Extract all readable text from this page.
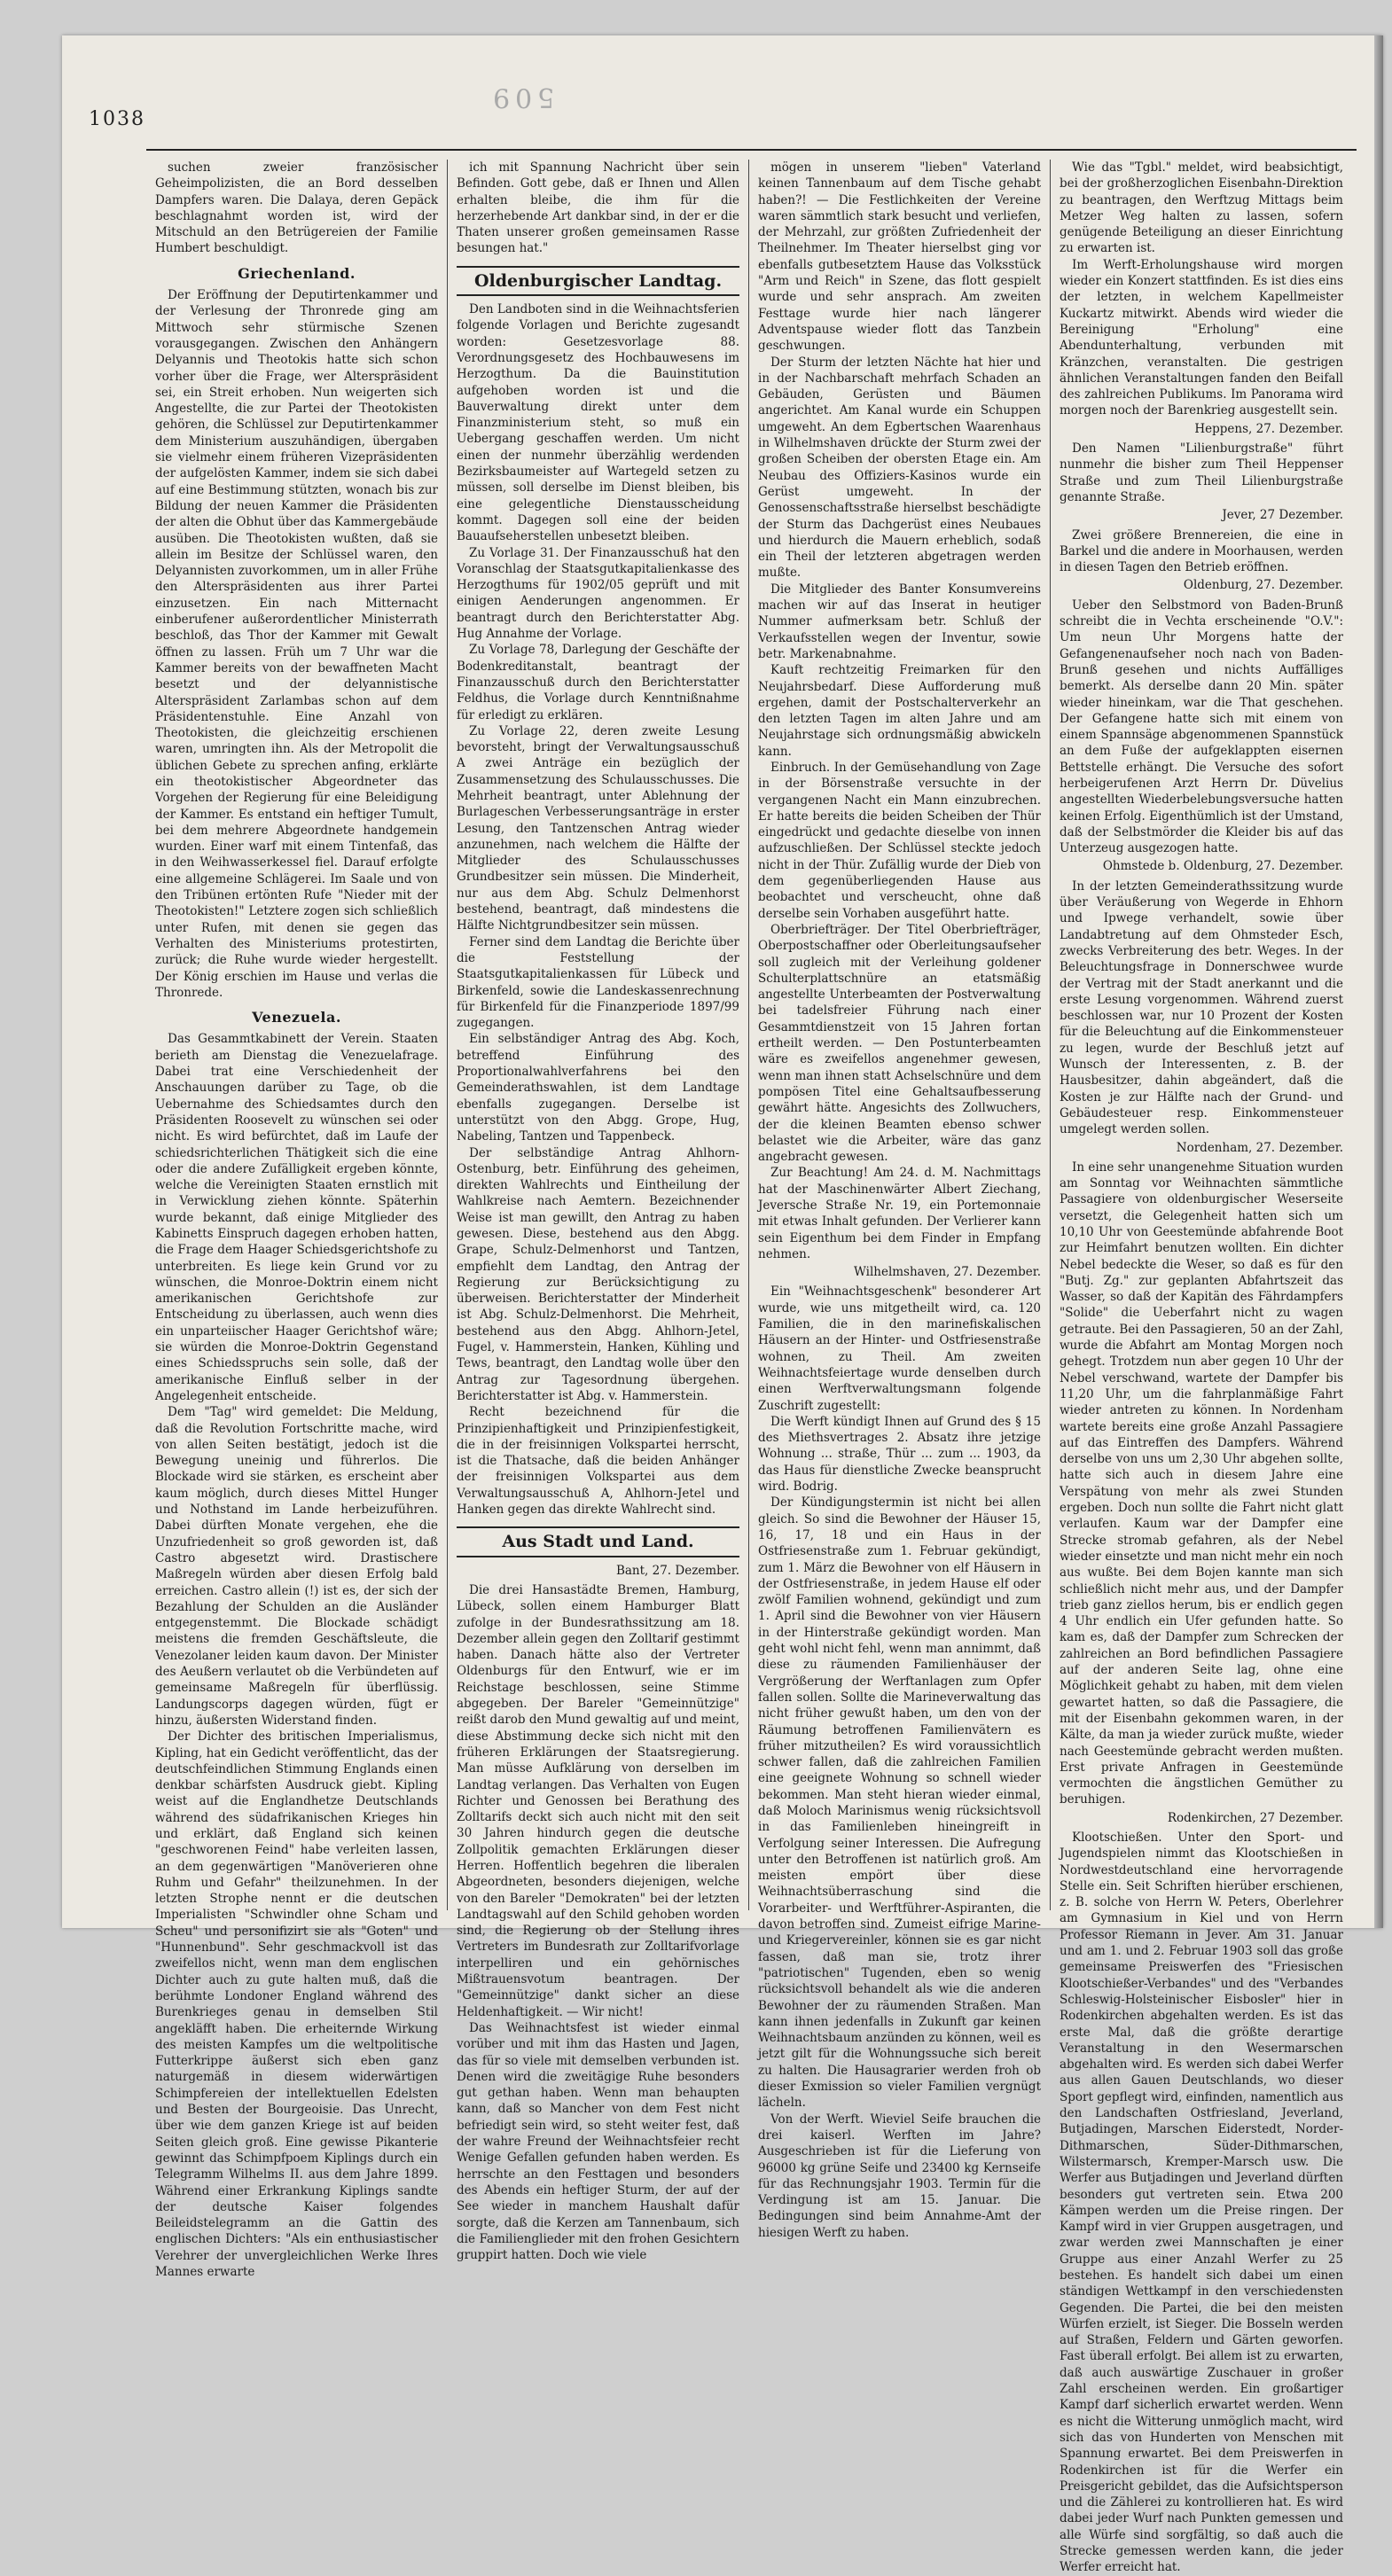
1038
509

suchen zweier französischer Geheimpolizisten, die an Bord desselben Dampfers waren. Die Dalaya, deren Gepäck beschlagnahmt worden ist, wird der Mitschuld an den Betrügereien der Familie Humbert beschuldigt.

Griechenland.

Der Eröffnung der Deputirtenkammer und der Verlesung der Thronrede ging am Mittwoch sehr stürmische Szenen vorausgegangen. Zwischen den Anhängern Delyannis und Theotokis hatte sich schon vorher über die Frage, wer Alterspräsident sei, ein Streit erhoben. Nun weigerten sich Angestellte, die zur Partei der Theotokisten gehören, die Schlüssel zur Deputirtenkammer dem Ministerium auszuhändigen, übergaben sie vielmehr einem früheren Vizepräsidenten der aufgelösten Kammer, indem sie sich dabei auf eine Bestimmung stützten, wonach bis zur Bildung der neuen Kammer die Präsidenten der alten die Obhut über das Kammergebäude ausüben. Die Theotokisten wußten, daß sie allein im Besitze der Schlüssel waren, den Delyannisten zuvorkommen, um in aller Frühe den Alterspräsidenten aus ihrer Partei einzusetzen. Ein nach Mitternacht einberufener außerordentlicher Ministerrath beschloß, das Thor der Kammer mit Gewalt öffnen zu lassen. Früh um 7 Uhr war die Kammer bereits von der bewaffneten Macht besetzt und der delyannistische Alterspräsident Zarlambas schon auf dem Präsidentenstuhle. Eine Anzahl von Theotokisten, die gleichzeitig erschienen waren, umringten ihn. Als der Metropolit die üblichen Gebete zu sprechen anfing, erklärte ein theotokistischer Abgeordneter das Vorgehen der Regierung für eine Beleidigung der Kammer. Es entstand ein heftiger Tumult, bei dem mehrere Abgeordnete handgemein wurden. Einer warf mit einem Tintenfaß, das in den Weihwasserkessel fiel. Darauf erfolgte eine allgemeine Schlägerei. Im Saale und von den Tribünen ertönten Rufe "Nieder mit der Theotokisten!" Letztere zogen sich schließlich unter Rufen, mit denen sie gegen das Verhalten des Ministeriums protestirten, zurück; die Ruhe wurde wieder hergestellt. Der König erschien im Hause und verlas die Thronrede.

Venezuela.

Das Gesammtkabinett der Verein. Staaten berieth am Dienstag die Venezuelafrage. Dabei trat eine Verschiedenheit der Anschauungen darüber zu Tage, ob die Uebernahme des Schiedsamtes durch den Präsidenten Roosevelt zu wünschen sei oder nicht. Es wird befürchtet, daß im Laufe der schiedsrichterlichen Thätigkeit sich die eine oder die andere Zufälligkeit ergeben könnte, welche die Vereinigten Staaten ernstlich mit in Verwicklung ziehen könnte. Späterhin wurde bekannt, daß einige Mitglieder des Kabinetts Einspruch dagegen erhoben hatten, die Frage dem Haager Schiedsgerichtshofe zu unterbreiten. Es liege kein Grund vor zu wünschen, die Monroe-Doktrin einem nicht amerikanischen Gerichtshofe zur Entscheidung zu überlassen, auch wenn dies ein unparteiischer Haager Gerichtshof wäre; sie würden die Monroe-Doktrin Gegenstand eines Schiedsspruchs sein solle, daß der amerikanische Einfluß selber in der Angelegenheit entscheide.

Dem "Tag" wird gemeldet: Die Meldung, daß die Revolution Fortschritte mache, wird von allen Seiten bestätigt, jedoch ist die Bewegung uneinig und führerlos. Die Blockade wird sie stärken, es erscheint aber kaum möglich, durch dieses Mittel Hunger und Nothstand im Lande herbeizuführen. Dabei dürften Monate vergehen, ehe die Unzufriedenheit so groß geworden ist, daß Castro abgesetzt wird. Drastischere Maßregeln würden aber diesen Erfolg bald erreichen. Castro allein (!) ist es, der sich der Bezahlung der Schulden an die Ausländer entgegenstemmt. Die Blockade schädigt meistens die fremden Geschäftsleute, die Venezolaner leiden kaum davon. Der Minister des Aeußern verlautet ob die Verbündeten auf gemeinsame Maßregeln für überflüssig. Landungscorps dagegen würden, fügt er hinzu, äußersten Widerstand finden.

Der Dichter des britischen Imperialismus, Kipling, hat ein Gedicht veröffentlicht, das der deutschfeindlichen Stimmung Englands einen denkbar schärfsten Ausdruck giebt. Kipling weist auf die Englandhetze Deutschlands während des südafrikanischen Krieges hin und erklärt, daß England sich keinen "geschworenen Feind" habe verleiten lassen, an dem gegenwärtigen "Manöverieren ohne Ruhm und Gefahr" theilzunehmen. In der letzten Strophe nennt er die deutschen Imperialisten "Schwindler ohne Scham und Scheu" und personifizirt sie als "Goten" und "Hunnenbund". Sehr geschmackvoll ist das zweifellos nicht, wenn man dem englischen Dichter auch zu gute halten muß, daß die berühmte Londoner England während des Burenkrieges genau in demselben Stil angekläfft haben. Die erheiternde Wirkung des meisten Kampfes um die weltpolitische Futterkrippe äußerst sich eben ganz naturgemäß in diesem widerwärtigen Schimpfereien der intellektuellen Edelsten und Besten der Bourgeoisie. Das Unrecht, über wie dem ganzen Kriege ist auf beiden Seiten gleich groß. Eine gewisse Pikanterie gewinnt das Schimpfpoem Kiplings durch ein Telegramm Wilhelms II. aus dem Jahre 1899. Während einer Erkrankung Kiplings sandte der deutsche Kaiser folgendes Beileidstelegramm an die Gattin des englischen Dichters: "Als ein enthusiastischer Verehrer der unvergleichlichen Werke Ihres Mannes erwarte

ich mit Spannung Nachricht über sein Befinden. Gott gebe, daß er Ihnen und Allen erhalten bleibe, die ihm für die herzerhebende Art dankbar sind, in der er die Thaten unserer großen gemeinsamen Rasse besungen hat."

Oldenburgischer Landtag.

Den Landboten sind in die Weihnachtsferien folgende Vorlagen und Berichte zugesandt worden: Gesetzesvorlage 88. Verordnungsgesetz des Hochbauwesens im Herzogthum. Da die Bauinstitution aufgehoben worden ist und die Bauverwaltung direkt unter dem Finanzministerium steht, so muß ein Uebergang geschaffen werden. Um nicht einen der nunmehr überzählig werdenden Bezirksbaumeister auf Wartegeld setzen zu müssen, soll derselbe im Dienst bleiben, bis eine gelegentliche Dienstausscheidung kommt. Dagegen soll eine der beiden Bauaufseherstellen unbesetzt bleiben.

Zu Vorlage 31. Der Finanzausschuß hat den Voranschlag der Staatsgutkapitalienkasse des Herzogthums für 1902/05 geprüft und mit einigen Aenderungen angenommen. Er beantragt durch den Berichterstatter Abg. Hug Annahme der Vorlage.

Zu Vorlage 78, Darlegung der Geschäfte der Bodenkreditanstalt, beantragt der Finanzausschuß durch den Berichterstatter Feldhus, die Vorlage durch Kenntnißnahme für erledigt zu erklären.

Zu Vorlage 22, deren zweite Lesung bevorsteht, bringt der Verwaltungsausschuß A zwei Anträge ein bezüglich der Zusammensetzung des Schulausschusses. Die Mehrheit beantragt, unter Ablehnung der Burlageschen Verbesserungsanträge in erster Lesung, den Tantzenschen Antrag wieder anzunehmen, nach welchem die Hälfte der Mitglieder des Schulausschusses Grundbesitzer sein müssen. Die Minderheit, nur aus dem Abg. Schulz Delmenhorst bestehend, beantragt, daß mindestens die Hälfte Nichtgrundbesitzer sein müssen.

Ferner sind dem Landtag die Berichte über die Feststellung der Staatsgutkapitalienkassen für Lübeck und Birkenfeld, sowie die Landeskassenrechnung für Birkenfeld für die Finanzperiode 1897/99 zugegangen.

Ein selbständiger Antrag des Abg. Koch, betreffend Einführung des Proportionalwahlverfahrens bei den Gemeinderathswahlen, ist dem Landtage ebenfalls zugegangen. Derselbe ist unterstützt von den Abgg. Grope, Hug, Nabeling, Tantzen und Tappenbeck.

Der selbständige Antrag Ahlhorn-Ostenburg, betr. Einführung des geheimen, direkten Wahlrechts und Eintheilung der Wahlkreise nach Aemtern. Bezeichnender Weise ist man gewillt, den Antrag zu haben gewesen. Diese, bestehend aus den Abgg. Grape, Schulz-Delmenhorst und Tantzen, empfiehlt dem Landtag, den Antrag der Regierung zur Berücksichtigung zu überweisen. Berichterstatter der Minderheit ist Abg. Schulz-Delmenhorst. Die Mehrheit, bestehend aus den Abgg. Ahlhorn-Jetel, Fugel, v. Hammerstein, Hanken, Kühling und Tews, beantragt, den Landtag wolle über den Antrag zur Tagesordnung übergehen. Berichterstatter ist Abg. v. Hammerstein.

Recht bezeichnend für die Prinzipienhaftigkeit und Prinzipienfestigkeit, die in der freisinnigen Volkspartei herrscht, ist die Thatsache, daß die beiden Anhänger der freisinnigen Volkspartei aus dem Verwaltungsausschuß A, Ahlhorn-Jetel und Hanken gegen das direkte Wahlrecht sind.

Aus Stadt und Land.
Bant, 27. Dezember.

Die drei Hansastädte Bremen, Hamburg, Lübeck, sollen einem Hamburger Blatt zufolge in der Bundesrathssitzung am 18. Dezember allein gegen den Zolltarif gestimmt haben. Danach hätte also der Vertreter Oldenburgs für den Entwurf, wie er im Reichstage beschlossen, seine Stimme abgegeben. Der Bareler "Gemeinnützige" reißt darob den Mund gewaltig auf und meint, diese Abstimmung decke sich nicht mit den früheren Erklärungen der Staatsregierung. Man müsse Aufklärung von derselben im Landtag verlangen. Das Verhalten von Eugen Richter und Genossen bei Berathung des Zolltarifs deckt sich auch nicht mit den seit 30 Jahren hindurch gegen die deutsche Zollpolitik gemachten Erklärungen dieser Herren. Hoffentlich begehren die liberalen Abgeordneten, besonders diejenigen, welche von den Bareler "Demokraten" bei der letzten Landtagswahl auf den Schild gehoben worden sind, die Regierung ob der Stellung ihres Vertreters im Bundesrath zur Zolltarifvorlage interpelliren und ein gehörnisches Mißtrauensvotum beantragen. Der "Gemeinnützige" dankt sicher an diese Heldenhaftigkeit. — Wir nicht!

Das Weihnachtsfest ist wieder einmal vorüber und mit ihm das Hasten und Jagen, das für so viele mit demselben verbunden ist. Denen wird die zweitägige Ruhe besonders gut gethan haben. Wenn man behaupten kann, daß so Mancher von dem Fest nicht befriedigt sein wird, so steht weiter fest, daß der wahre Freund der Weihnachtsfeier recht Wenige Gefallen gefunden haben werden. Es herrschte an den Festtagen und besonders des Abends ein heftiger Sturm, der auf der See wieder in manchem Haushalt dafür sorgte, daß die Kerzen am Tannenbaum, sich die Familienglieder mit den frohen Gesichtern gruppirt hatten. Doch wie viele

mögen in unserem "lieben" Vaterland keinen Tannenbaum auf dem Tische gehabt haben?! — Die Festlichkeiten der Vereine waren sämmtlich stark besucht und verliefen, der Mehrzahl, zur größten Zufriedenheit der Theilnehmer. Im Theater hierselbst ging vor ebenfalls gutbesetztem Hause das Volksstück "Arm und Reich" in Szene, das flott gespielt wurde und sehr ansprach. Am zweiten Festtage wurde hier nach längerer Adventspause wieder flott das Tanzbein geschwungen.

Der Sturm der letzten Nächte hat hier und in der Nachbarschaft mehrfach Schaden an Gebäuden, Gerüsten und Bäumen angerichtet. Am Kanal wurde ein Schuppen umgeweht. An dem Egbertschen Waarenhaus in Wilhelmshaven drückte der Sturm zwei der großen Scheiben der obersten Etage ein. Am Neubau des Offiziers-Kasinos wurde ein Gerüst umgeweht. In der Genossenschaftsstraße hierselbst beschädigte der Sturm das Dachgerüst eines Neubaues und hierdurch die Mauern erheblich, sodaß ein Theil der letzteren abgetragen werden mußte.

Die Mitglieder des Banter Konsumvereins machen wir auf das Inserat in heutiger Nummer aufmerksam betr. Schluß der Verkaufsstellen wegen der Inventur, sowie betr. Markenabnahme.

Kauft rechtzeitig Freimarken für den Neujahrsbedarf. Diese Aufforderung muß ergehen, damit der Postschalterverkehr an den letzten Tagen im alten Jahre und am Neujahrstage sich ordnungsmäßig abwickeln kann.

Einbruch. In der Gemüsehandlung von Zage in der Börsenstraße versuchte in der vergangenen Nacht ein Mann einzubrechen. Er hatte bereits die beiden Scheiben der Thür eingedrückt und gedachte dieselbe von innen aufzuschließen. Der Schlüssel steckte jedoch nicht in der Thür. Zufällig wurde der Dieb von dem gegenüberliegenden Hause aus beobachtet und verscheucht, ohne daß derselbe sein Vorhaben ausgeführt hatte.

Oberbriefträger. Der Titel Oberbriefträger, Oberpostschaffner oder Oberleitungsaufseher soll zugleich mit der Verleihung goldener Schulterplattschnüre an etatsmäßig angestellte Unterbeamten der Postverwaltung bei tadelsfreier Führung nach einer Gesammtdienstzeit von 15 Jahren fortan ertheilt werden. — Den Postunterbeamten wäre es zweifellos angenehmer gewesen, wenn man ihnen statt Achselschnüre und dem pompösen Titel eine Gehaltsaufbesserung gewährt hätte. Angesichts des Zollwuchers, der die kleinen Beamten ebenso schwer belastet wie die Arbeiter, wäre das ganz angebracht gewesen.

Zur Beachtung! Am 24. d. M. Nachmittags hat der Maschinenwärter Albert Ziechang, Jeversche Straße Nr. 19, ein Portemonnaie mit etwas Inhalt gefunden. Der Verlierer kann sein Eigenthum bei dem Finder in Empfang nehmen.

Wilhelmshaven, 27. Dezember.

Ein "Weihnachtsgeschenk" besonderer Art wurde, wie uns mitgetheilt wird, ca. 120 Familien, die in den marinefiskalischen Häusern an der Hinter- und Ostfriesenstraße wohnen, zu Theil. Am zweiten Weihnachtsfeiertage wurde denselben durch einen Werftverwaltungsmann folgende Zuschrift zugestellt:

Die Werft kündigt Ihnen auf Grund des § 15 des Miethsvertrages 2. Absatz ihre jetzige Wohnung ... straße, Thür ... zum ... 1903, da das Haus für dienstliche Zwecke beansprucht wird. Bodrig.

Der Kündigungstermin ist nicht bei allen gleich. So sind die Bewohner der Häuser 15, 16, 17, 18 und ein Haus in der Ostfriesenstraße zum 1. Februar gekündigt, zum 1. März die Bewohner von elf Häusern in der Ostfriesenstraße, in jedem Hause elf oder zwölf Familien wohnend, gekündigt und zum 1. April sind die Bewohner von vier Häusern in der Hinterstraße gekündigt worden. Man geht wohl nicht fehl, wenn man annimmt, daß diese zu räumenden Familienhäuser der Vergrößerung der Werftanlagen zum Opfer fallen sollen. Sollte die Marineverwaltung das nicht früher gewußt haben, um den von der Räumung betroffenen Familienvätern es früher mitzutheilen? Es wird voraussichtlich schwer fallen, daß die zahlreichen Familien eine geeignete Wohnung so schnell wieder bekommen. Man steht hieran wieder einmal, daß Moloch Marinismus wenig rücksichtsvoll in das Familienleben hineingreift in Verfolgung seiner Interessen. Die Aufregung unter den Betroffenen ist natürlich groß. Am meisten empört über diese Weihnachtsüberraschung sind die Vorarbeiter- und Werftführer-Aspiranten, die davon betroffen sind. Zumeist eifrige Marine- und Kriegervereinler, können sie es gar nicht fassen, daß man sie, trotz ihrer "patriotischen" Tugenden, eben so wenig rücksichtsvoll behandelt als wie die anderen Bewohner der zu räumenden Straßen. Man kann ihnen jedenfalls in Zukunft gar keinen Weihnachtsbaum anzünden zu können, weil es jetzt gilt für die Wohnungssuche sich bereit zu halten. Die Hausagrarier werden froh ob dieser Exmission so vieler Familien vergnügt lächeln.

Von der Werft. Wieviel Seife brauchen die drei kaiserl. Werften im Jahre? Ausgeschrieben ist für die Lieferung von 96000 kg grüne Seife und 23400 kg Kernseife für das Rechnungsjahr 1903. Termin für die Verdingung ist am 15. Januar. Die Bedingungen sind beim Annahme-Amt der hiesigen Werft zu haben.

Wie das "Tgbl." meldet, wird beabsichtigt, bei der großherzoglichen Eisenbahn-Direktion zu beantragen, den Werftzug Mittags beim Metzer Weg halten zu lassen, sofern genügende Beteiligung an dieser Einrichtung zu erwarten ist.

Im Werft-Erholungshause wird morgen wieder ein Konzert stattfinden. Es ist dies eins der letzten, in welchem Kapellmeister Kuckartz mitwirkt. Abends wird wieder die Bereinigung "Erholung" eine Abendunterhaltung, verbunden mit Kränzchen, veranstalten. Die gestrigen ähnlichen Veranstaltungen fanden den Beifall des zahlreichen Publikums. Im Panorama wird morgen noch der Barenkrieg ausgestellt sein.

Heppens, 27. Dezember.

Den Namen "Lilienburgstraße" führt nunmehr die bisher zum Theil Heppenser Straße und zum Theil Lilienburgstraße genannte Straße.

Jever, 27 Dezember.

Zwei größere Brennereien, die eine in Barkel und die andere in Moorhausen, werden in diesen Tagen den Betrieb eröffnen.

Oldenburg, 27. Dezember.

Ueber den Selbstmord von Baden-Brunß schreibt die in Vechta erscheinende "O.V.": Um neun Uhr Morgens hatte der Gefangenenaufseher noch nach von Baden-Brunß gesehen und nichts Auffälliges bemerkt. Als derselbe dann 20 Min. später wieder hineinkam, war die That geschehen. Der Gefangene hatte sich mit einem von einem Spannsäge abgenommenen Spannstück an dem Fuße der aufgeklappten eisernen Bettstelle erhängt. Die Versuche des sofort herbeigerufenen Arzt Herrn Dr. Düvelius angestellten Wiederbelebungsversuche hatten keinen Erfolg. Eigenthümlich ist der Umstand, daß der Selbstmörder die Kleider bis auf das Unterzeug ausgezogen hatte.

Ohmstede b. Oldenburg, 27. Dezember.

In der letzten Gemeinderathssitzung wurde über Veräußerung von Wegerde in Ehhorn und Ipwege verhandelt, sowie über Landabtretung auf dem Ohmsteder Esch, zwecks Verbreiterung des betr. Weges. In der Beleuchtungsfrage in Donnerschwee wurde der Vertrag mit der Stadt anerkannt und die erste Lesung vorgenommen. Während zuerst beschlossen war, nur 10 Prozent der Kosten für die Beleuchtung auf die Einkommensteuer zu legen, wurde der Beschluß jetzt auf Wunsch der Interessenten, z. B. der Hausbesitzer, dahin abgeändert, daß die Kosten je zur Hälfte nach der Grund- und Gebäudesteuer resp. Einkommensteuer umgelegt werden sollen.

Nordenham, 27. Dezember.

In eine sehr unangenehme Situation wurden am Sonntag vor Weihnachten sämmtliche Passagiere von oldenburgischer Weserseite versetzt, die Gelegenheit hatten sich um 10,10 Uhr von Geestemünde abfahrende Boot zur Heimfahrt benutzen wollten. Ein dichter Nebel bedeckte die Weser, so daß es für den "Butj. Zg." zur geplanten Abfahrtszeit das Wasser, so daß der Kapitän des Fährdampfers "Solide" die Ueberfahrt nicht zu wagen getraute. Bei den Passagieren, 50 an der Zahl, wurde die Abfahrt am Montag Morgen noch gehegt. Trotzdem nun aber gegen 10 Uhr der Nebel verschwand, wartete der Dampfer bis 11,20 Uhr, um die fahrplanmäßige Fahrt wieder antreten zu können. In Nordenham wartete bereits eine große Anzahl Passagiere auf das Eintreffen des Dampfers. Während derselbe von uns um 2,30 Uhr abgehen sollte, hatte sich auch in diesem Jahre eine Verspätung von mehr als zwei Stunden ergeben. Doch nun sollte die Fahrt nicht glatt verlaufen. Kaum war der Dampfer eine Strecke stromab gefahren, als der Nebel wieder einsetzte und man nicht mehr ein noch aus wußte. Bei dem Bojen kannte man sich schließlich nicht mehr aus, und der Dampfer trieb ganz ziellos herum, bis er endlich gegen 4 Uhr endlich ein Ufer gefunden hatte. So kam es, daß der Dampfer zum Schrecken der zahlreichen an Bord befindlichen Passagiere auf der anderen Seite lag, ohne eine Möglichkeit gehabt zu haben, mit dem vielen gewartet hatten, so daß die Passagiere, die mit der Eisenbahn gekommen waren, in der Kälte, da man ja wieder zurück mußte, wieder nach Geestemünde gebracht werden mußten. Erst private Anfragen in Geestemünde vermochten die ängstlichen Gemüther zu beruhigen.

Rodenkirchen, 27 Dezember.

Klootschießen. Unter den Sport- und Jugendspielen nimmt das Klootschießen in Nordwestdeutschland eine hervorragende Stelle ein. Seit Schriften hierüber erschienen, z. B. solche von Herrn W. Peters, Oberlehrer am Gymnasium in Kiel und von Herrn Professor Riemann in Jever. Am 31. Januar und am 1. und 2. Februar 1903 soll das große gemeinsame Preiswerfen des "Friesischen Klootschießer-Verbandes" und des "Verbandes Schleswig-Holsteinischer Eisbosler" hier in Rodenkirchen abgehalten werden. Es ist das erste Mal, daß die größte derartige Veranstaltung in den Wesermarschen abgehalten wird. Es werden sich dabei Werfer aus allen Gauen Deutschlands, wo dieser Sport gepflegt wird, einfinden, namentlich aus den Landschaften Ostfriesland, Jeverland, Butjadingen, Marschen Eiderstedt, Norder-Dithmarschen, Süder-Dithmarschen, Wilstermarsch, Kremper-Marsch usw. Die Werfer aus Butjadingen und Jeverland dürften besonders gut vertreten sein. Etwa 200 Kämpen werden um die Preise ringen. Der Kampf wird in vier Gruppen ausgetragen, und zwar werden zwei Mannschaften je einer Gruppe aus einer Anzahl Werfer zu 25 bestehen. Es handelt sich dabei um einen ständigen Wettkampf in den verschiedensten Gegenden. Die Partei, die bei den meisten Würfen erzielt, ist Sieger. Die Bosseln werden auf Straßen, Feldern und Gärten geworfen. Fast überall erfolgt. Bei allem ist zu erwarten, daß auch auswärtige Zuschauer in großer Zahl erscheinen werden. Ein großartiger Kampf darf sicherlich erwartet werden. Wenn es nicht die Witterung unmöglich macht, wird sich das von Hunderten von Menschen mit Spannung erwartet. Bei dem Preiswerfen in Rodenkirchen ist für die Werfer ein Preisgericht gebildet, das die Aufsichtsperson und die Zählerei zu kontrollieren hat. Es wird dabei jeder Wurf nach Punkten gemessen und alle Würfe sind sorgfältig, so daß auch die Strecke gemessen werden kann, die jeder Werfer erreicht hat.
